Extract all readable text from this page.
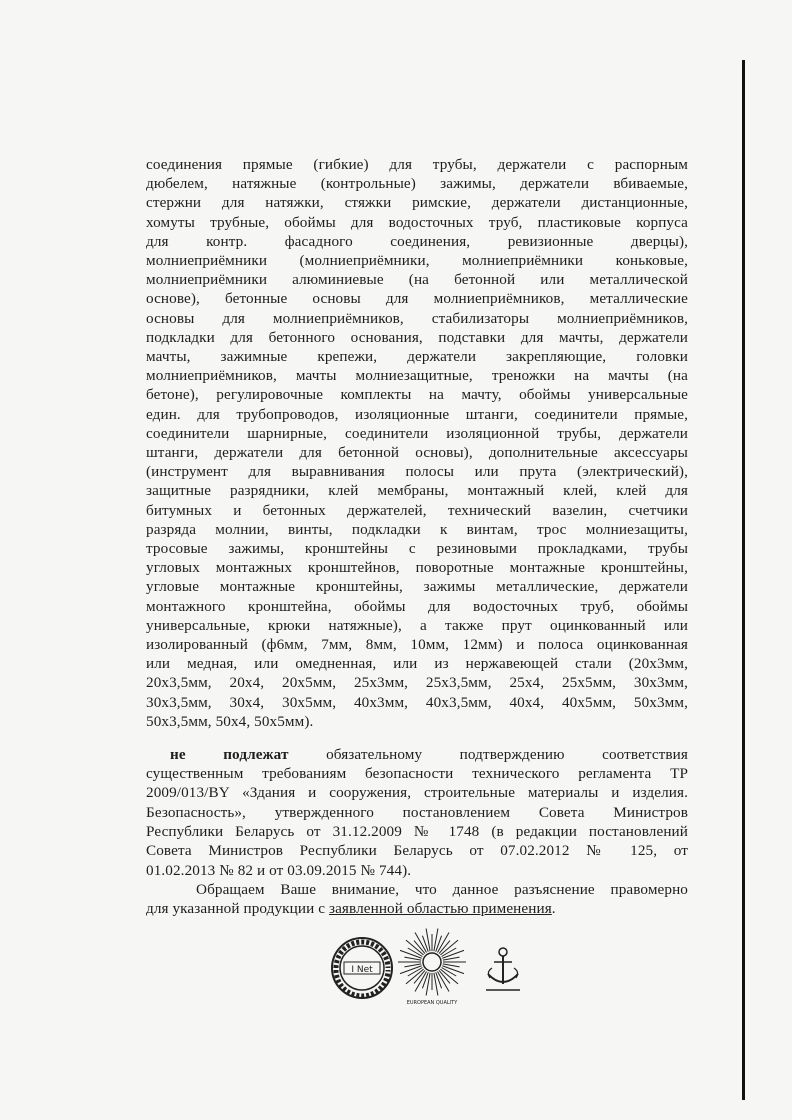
соединения прямые (гибкие) для трубы, держатели с распорным
дюбелем, натяжные (контрольные) зажимы, держатели вбиваемые,
стержни для натяжки, стяжки римские, держатели дистанционные,
хомуты трубные, обоймы для водосточных труб, пластиковые корпуса
для контр. фасадного соединения, ревизионные дверцы),
молниеприёмники (молниеприёмники, молниеприёмники коньковые,
молниеприёмники алюминиевые (на бетонной или металлической
основе), бетонные основы для молниеприёмников, металлические
основы для молниеприёмников, стабилизаторы молниеприёмников,
подкладки для бетонного основания, подставки для мачты, держатели
мачты, зажимные крепежи, держатели закрепляющие, головки
молниеприёмников, мачты молниезащитные, треножки на мачты (на
бетоне), регулировочные комплекты на мачту, обоймы универсальные
един. для трубопроводов, изоляционные штанги, соединители прямые,
соединители шарнирные, соединители изоляционной трубы, держатели
штанги, держатели для бетонной основы), дополнительные аксессуары
(инструмент для выравнивания полосы или прута (электрический),
защитные разрядники, клей мембраны, монтажный клей, клей для
битумных и бетонных держателей, технический вазелин, счетчики
разряда молнии, винты, подкладки к винтам, трос молниезащиты,
тросовые зажимы, кронштейны с резиновыми прокладками, трубы
угловых монтажных кронштейнов, поворотные монтажные кронштейны,
угловые монтажные кронштейны, зажимы металлические, держатели
монтажного кронштейна, обоймы для водосточных труб, обоймы
универсальные, крюки натяжные), а также прут оцинкованный или
изолированный (ф6мм, 7мм, 8мм, 10мм, 12мм) и полоса оцинкованная
или медная, или омедненная, или из нержавеющей стали (20х3мм,
20х3,5мм, 20х4, 20х5мм, 25х3мм, 25х3,5мм, 25х4, 25х5мм, 30х3мм,
30х3,5мм, 30х4, 30х5мм, 40х3мм, 40х3,5мм, 40х4, 40х5мм, 50х3мм,
50х3,5мм, 50х4, 50х5мм).
не подлежат обязательному подтверждению соответствия
существенным требованиям безопасности технического регламента ТР
2009/013/BY «Здания и сооружения, строительные материалы и изделия.
Безопасность», утвержденного постановлением Совета Министров
Республики Беларусь от 31.12.2009 № 1748 (в редакции постановлений
Совета Министров Республики Беларусь от 07.02.2012 № 125, от
01.02.2013 № 82 и от 03.09.2015 № 744).
Обращаем Ваше внимание, что данное разъяснение правомерно
для указанной продукции с заявленной областью применения.
I Net
EUROPEAN QUALITY
